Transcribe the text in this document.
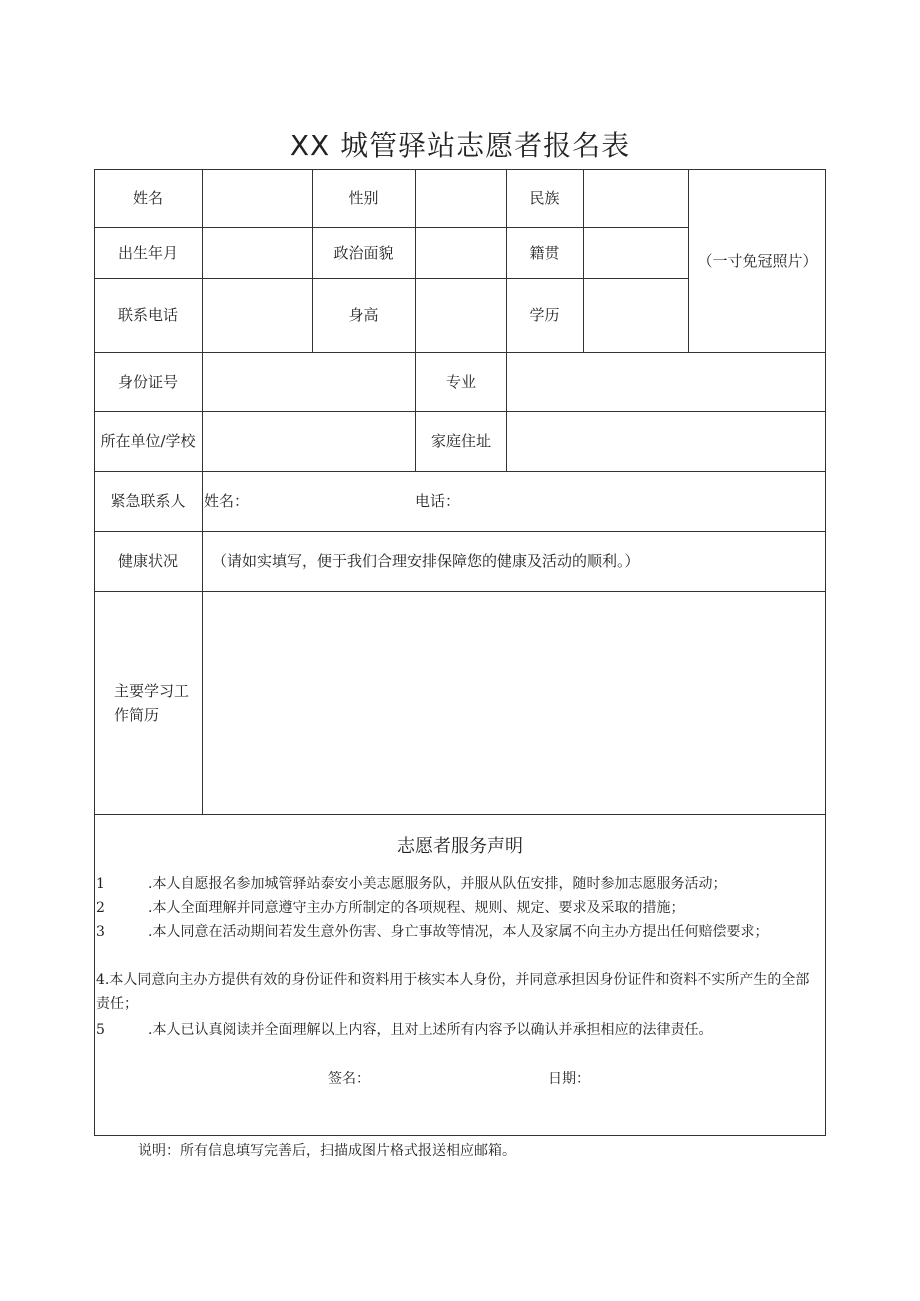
XX 城管驿站志愿者报名表
姓名	性别	民族
（一寸免冠照片）
出生年月	政治面貌	籍贯
联系电话	身高	学历
身份证号	专业
所在单位/学校	家庭住址
紧急联系人	姓名：	电话：
健康状况	（请如实填写，便于我们合理安排保障您的健康及活动的顺利。）
主要学习工作简历
志愿者服务声明
1	.本人自愿报名参加城管驿站泰安小美志愿服务队，并服从队伍安排，随时参加志愿服务活动；
2	.本人全面理解并同意遵守主办方所制定的各项规程、规则、规定、要求及采取的措施；
3	.本人同意在活动期间若发生意外伤害、身亡事故等情况，本人及家属不向主办方提出任何赔偿要求；
4.本人同意向主办方提供有效的身份证件和资料用于核实本人身份，并同意承担因身份证件和资料不实所产生的全部责任；
5	.本人已认真阅读并全面理解以上内容，且对上述所有内容予以确认并承担相应的法律责任。
签名：	日期：
说明：所有信息填写完善后，扫描成图片格式报送相应邮箱。
